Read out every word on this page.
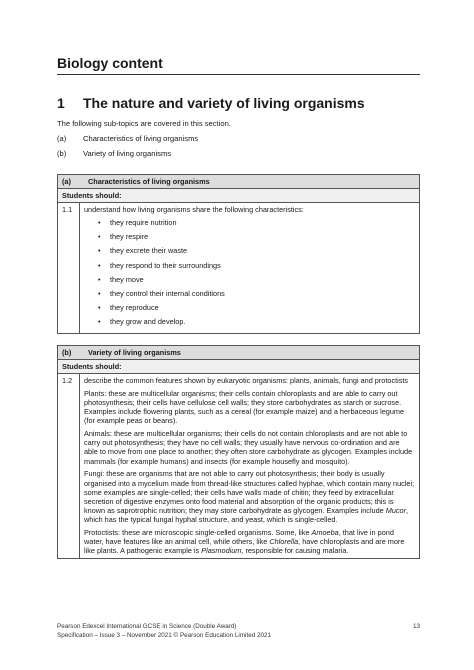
Biology content
1 The nature and variety of living organisms
The following sub-topics are covered in this section.
(a) Characteristics of living organisms
(b) Variety of living organisms
(a) Characteristics of living organisms
Students should:
1.1	understand how living organisms share the following characteristics:
• they require nutrition
• they respire
• they excrete their waste
• they respond to their surroundings
• they move
• they control their internal conditions
• they reproduce
• they grow and develop.
(b) Variety of living organisms
Students should:
1.2	describe the common features shown by eukaryotic organisms: plants, animals, fungi and protoctists

Plants: these are multicellular organisms; their cells contain chloroplasts and are able to carry out photosynthesis; their cells have cellulose cell walls; they store carbohydrates as starch or sucrose. Examples include flowering plants, such as a cereal (for example maize) and a herbaceous legume (for example peas or beans).

Animals: these are multicellular organisms; their cells do not contain chloroplasts and are not able to carry out photosynthesis; they have no cell walls; they usually have nervous co-ordination and are able to move from one place to another; they often store carbohydrate as glycogen. Examples include mammals (for example humans) and insects (for example housefly and mosquito).

Fungi: these are organisms that are not able to carry out photosynthesis; their body is usually organised into a mycelium made from thread-like structures called hyphae, which contain many nuclei; some examples are single-celled; their cells have walls made of chitin; they feed by extracellular secretion of digestive enzymes onto food material and absorption of the organic products; this is known as saprotrophic nutrition; they may store carbohydrate as glycogen. Examples include Mucor, which has the typical fungal hyphal structure, and yeast, which is single-celled.

Protoctists: these are microscopic single-celled organisms. Some, like Amoeba, that live in pond water, have features like an animal cell, while others, like Chlorella, have chloroplasts and are more like plants. A pathogenic example is Plasmodium, responsible for causing malaria.

Pearson Edexcel International GCSE in Science (Double Award)
Specification – Issue 3 – November 2021 © Pearson Education Limited 2021
13
